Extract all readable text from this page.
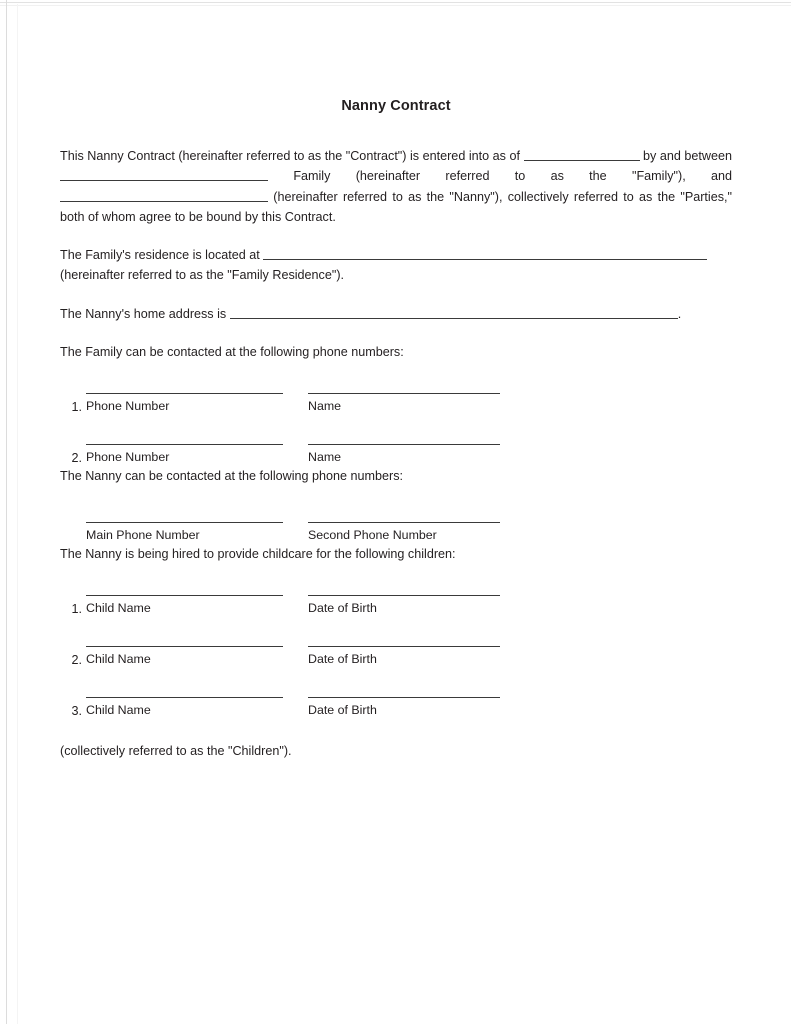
Nanny Contract

This Nanny Contract (hereinafter referred to as the "Contract") is entered into as of	by and between  Family (hereinafter referred to as the "Family"), and  (hereinafter referred to as the "Nanny"), collectively referred to as the "Parties," both of whom agree to be bound by this Contract.

The Family's residence is located at

(hereinafter referred to as the "Family Residence").

The Nanny's home address is	.

The Family can be contacted at the following phone numbers:

1. Phone Number	Name
2. Phone Number	Name

The Nanny can be contacted at the following phone numbers:

Main Phone Number	Second Phone Number

The Nanny is being hired to provide childcare for the following children:

1. Child Name	Date of Birth
2. Child Name	Date of Birth
3. Child Name	Date of Birth

(collectively referred to as the "Children").
